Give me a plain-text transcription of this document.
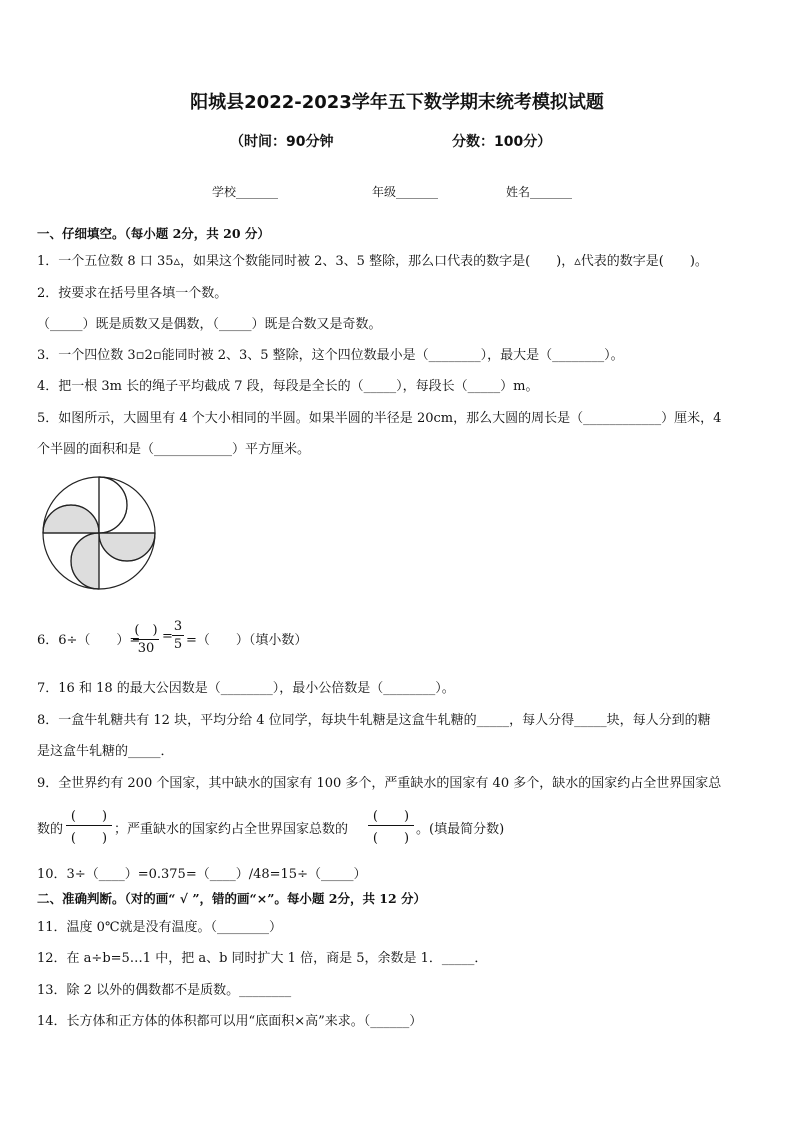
阳城县2022-2023学年五下数学期末统考模拟试题
（时间：90分钟	分数：100分）
学校_______	年级_______	姓名_______
一、仔细填空。（每小题 2分，共 20 分）
1．一个五位数 8 口 35▵，如果这个数能同时被 2、3、5 整除，那么口代表的数字是(　　)，▵代表的数字是(　　)。
2．按要求在括号里各填一个数。
（_____）既是质数又是偶数，（_____）既是合数又是奇数。
3．一个四位数 3▫2▫能同时被 2、3、5 整除，这个四位数最小是（________），最大是（________）。
4．把一根 3m 长的绳子平均截成 7 段，每段是全长的（_____），每段长（_____）m。
5．如图所示，大圆里有 4 个大小相同的半圆。如果半圆的半径是 20cm，那么大圆的周长是（____________）厘米，4
个半圆的面积和是（____________）平方厘米。
6．6÷（　　）=
(　)
30
=
3
5 =（　　）（填小数）
7．16 和 18 的最大公因数是（________），最小公倍数是（________）。
8．一盒牛轧糖共有 12 块，平均分给 4 位同学，每块牛轧糖是这盒牛轧糖的_____，每人分得_____块，每人分到的糖
是这盒牛轧糖的_____．
9．全世界约有 200 个国家，其中缺水的国家有 100 多个，严重缺水的国家有 40 多个，缺水的国家约占全世界国家总
数的
(　　)
(　　)
；严重缺水的国家约占全世界国家总数的
(　　)
(　　)
。(填最简分数)
10．3÷（____）=0.375=（____）/48=15÷（_____）
二、准确判断。（对的画“ √ ”，错的画“×”。每小题 2分，共 12 分）
11．温度 0℃就是没有温度。（________）
12．在 a÷b=5…1 中，把 a、b 同时扩大 1 倍，商是 5，余数是 1．_____．
13．除 2 以外的偶数都不是质数。________
14．长方体和正方体的体积都可以用“底面积×高”来求。（______）
